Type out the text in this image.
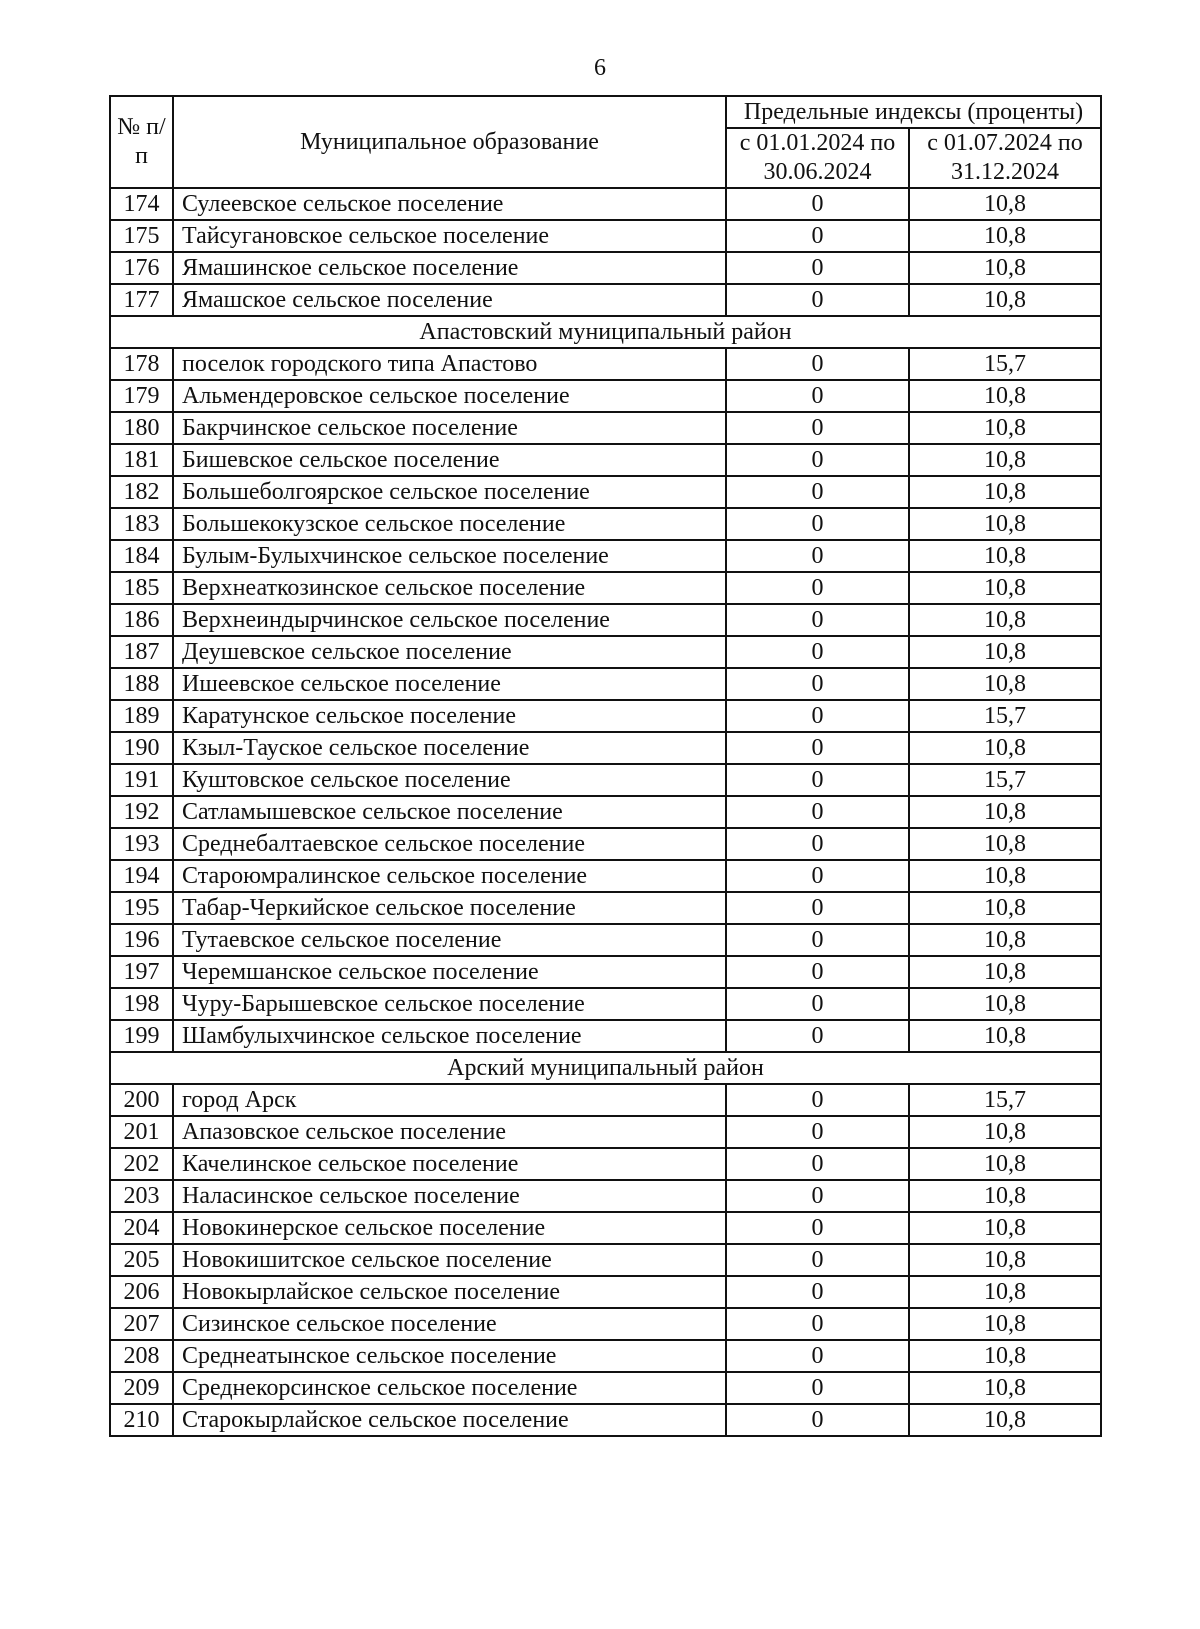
6
№ п/п	Муниципальное образование	Предельные индексы (проценты)	
		с 01.01.2024 по 30.06.2024	с 01.07.2024 по 31.12.2024
174	Сулеевское сельское поселение	0	10,8
175	Тайсугановское сельское поселение	0	10,8
176	Ямашинское сельское поселение	0	10,8
177	Ямашское сельское поселение	0	10,8
Апастовский муниципальный район			
178	поселок городского типа Апастово	0	15,7
179	Альмендеровское сельское поселение	0	10,8
180	Бакрчинское сельское поселение	0	10,8
181	Бишевское сельское поселение	0	10,8
182	Большеболгоярское сельское поселение	0	10,8
183	Большекокузское сельское поселение	0	10,8
184	Булым-Булыхчинское сельское поселение	0	10,8
185	Верхнеаткозинское сельское поселение	0	10,8
186	Верхнеиндырчинское сельское поселение	0	10,8
187	Деушевское сельское поселение	0	10,8
188	Ишеевское сельское поселение	0	10,8
189	Каратунское сельское поселение	0	15,7
190	Кзыл-Тауское сельское поселение	0	10,8
191	Куштовское сельское поселение	0	15,7
192	Сатламышевское сельское поселение	0	10,8
193	Среднебалтаевское сельское поселение	0	10,8
194	Староюмралинское сельское поселение	0	10,8
195	Табар-Черкийское сельское поселение	0	10,8
196	Тутаевское сельское поселение	0	10,8
197	Черемшанское сельское поселение	0	10,8
198	Чуру-Барышевское сельское поселение	0	10,8
199	Шамбулыхчинское сельское поселение	0	10,8
Арский муниципальный район			
200	город Арск	0	15,7
201	Апазовское сельское поселение	0	10,8
202	Качелинское сельское поселение	0	10,8
203	Наласинское сельское поселение	0	10,8
204	Новокинерское сельское поселение	0	10,8
205	Новокишитское сельское поселение	0	10,8
206	Новокырлайское сельское поселение	0	10,8
207	Сизинское сельское поселение	0	10,8
208	Среднеатынское сельское поселение	0	10,8
209	Среднекорсинское сельское поселение	0	10,8
210	Старокырлайское сельское поселение	0	10,8
